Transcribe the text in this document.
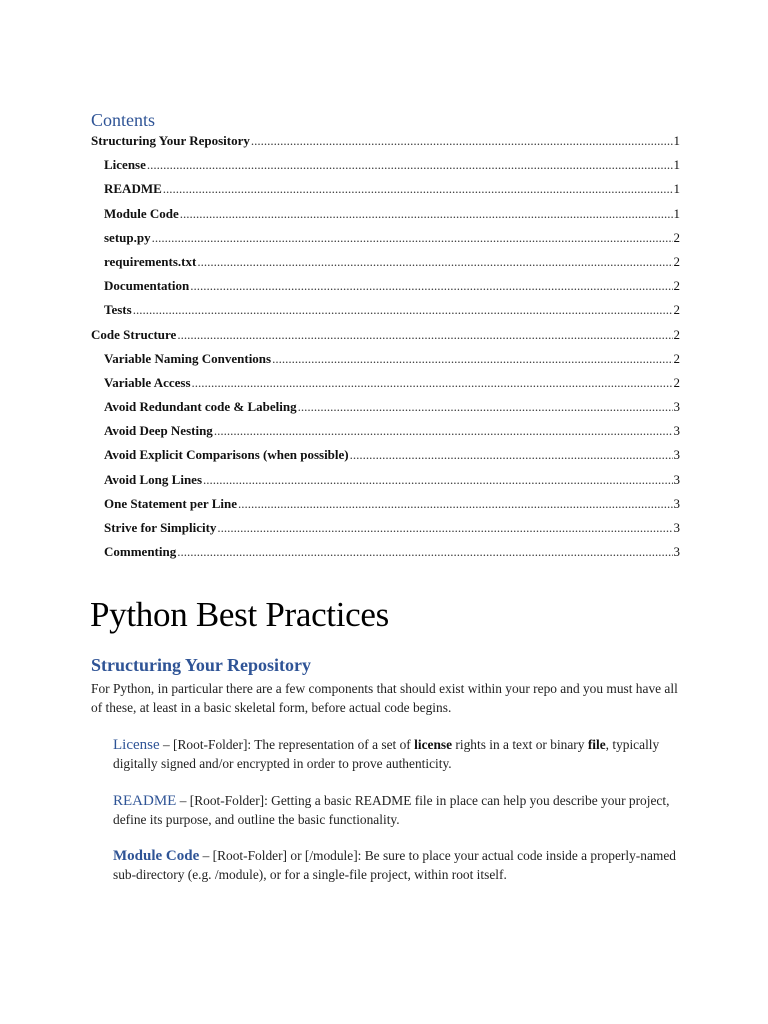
Contents
Structuring Your Repository .....	1
License .....	1
README .....	1
Module Code .....	1
setup.py .....	2
requirements.txt .....	2
Documentation .....	2
Tests .....	2
Code Structure .....	2
Variable Naming Conventions .....	2
Variable Access .....	2
Avoid Redundant code & Labeling .....	3
Avoid Deep Nesting .....	3
Avoid Explicit Comparisons (when possible) .....	3
Avoid Long Lines .....	3
One Statement per Line .....	3
Strive for Simplicity .....	3
Commenting .....	3
Python Best Practices
Structuring Your Repository

For Python, in particular there are a few components that should exist within your repo and you must have all of these, at least in a basic skeletal form, before actual code begins.

License – [Root-Folder]: The representation of a set of license rights in a text or binary file, typically digitally signed and/or encrypted in order to prove authenticity.

README – [Root-Folder]: Getting a basic README file in place can help you describe your project, define its purpose, and outline the basic functionality.

Module Code – [Root-Folder] or [/module]: Be sure to place your actual code inside a properly-named sub-directory (e.g. /module), or for a single-file project, within root itself.
